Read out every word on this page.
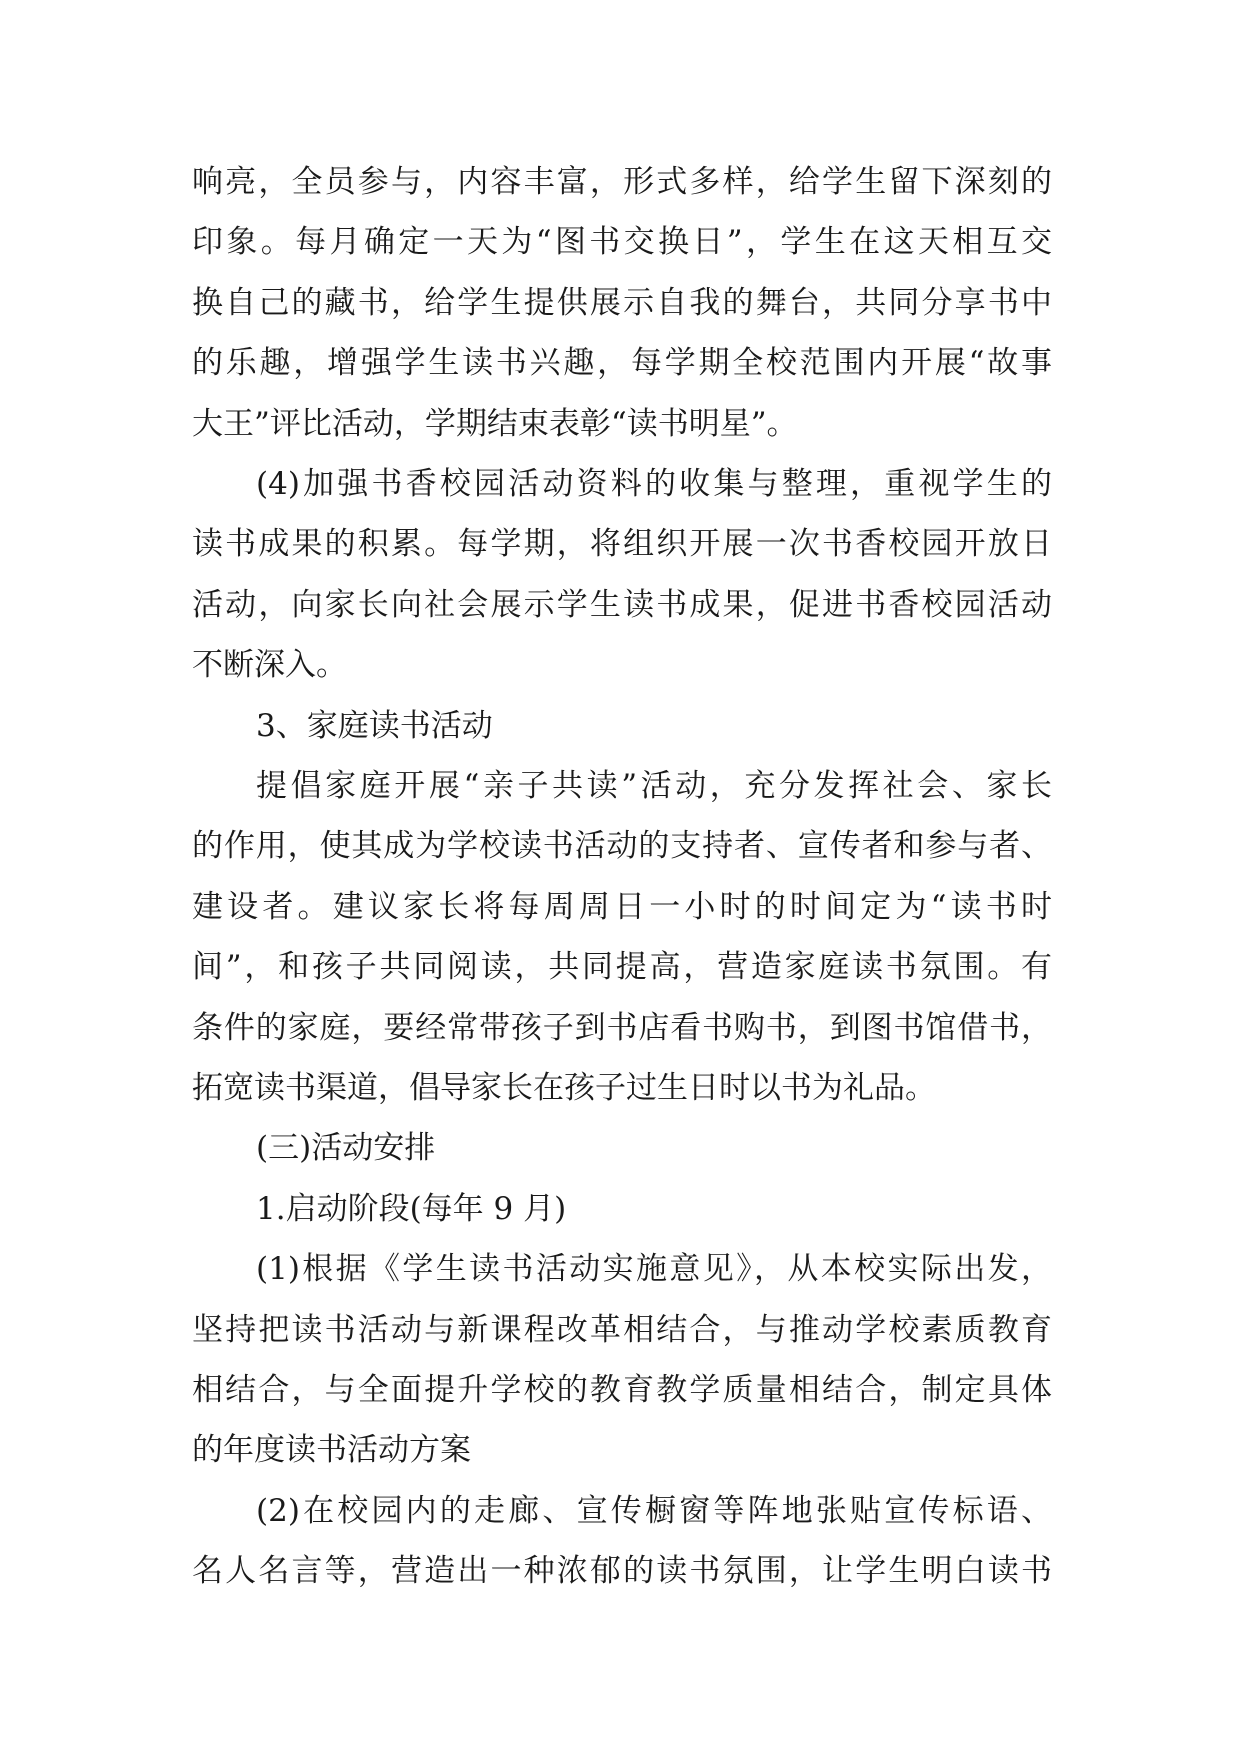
响亮，全员参与，内容丰富，形式多样，给学生留下深刻的
印象。每月确定一天为“图书交换日”，学生在这天相互交
换自己的藏书，给学生提供展示自我的舞台，共同分享书中
的乐趣，增强学生读书兴趣，每学期全校范围内开展“故事
大王”评比活动，学期结束表彰“读书明星”。
(4)加强书香校园活动资料的收集与整理，重视学生的
读书成果的积累。每学期，将组织开展一次书香校园开放日
活动，向家长向社会展示学生读书成果，促进书香校园活动
不断深入。
3、家庭读书活动
提倡家庭开展“亲子共读”活动，充分发挥社会、家长
的作用，使其成为学校读书活动的支持者、宣传者和参与者、
建设者。建议家长将每周周日一小时的时间定为“读书时
间”，和孩子共同阅读，共同提高，营造家庭读书氛围。有
条件的家庭，要经常带孩子到书店看书购书，到图书馆借书，
拓宽读书渠道，倡导家长在孩子过生日时以书为礼品。
(三)活动安排
1.启动阶段(每年 9 月)
(1)根据《学生读书活动实施意见》，从本校实际出发，
坚持把读书活动与新课程改革相结合，与推动学校素质教育
相结合，与全面提升学校的教育教学质量相结合，制定具体
的年度读书活动方案
(2)在校园内的走廊、宣传橱窗等阵地张贴宣传标语、
名人名言等，营造出一种浓郁的读书氛围，让学生明白读书
